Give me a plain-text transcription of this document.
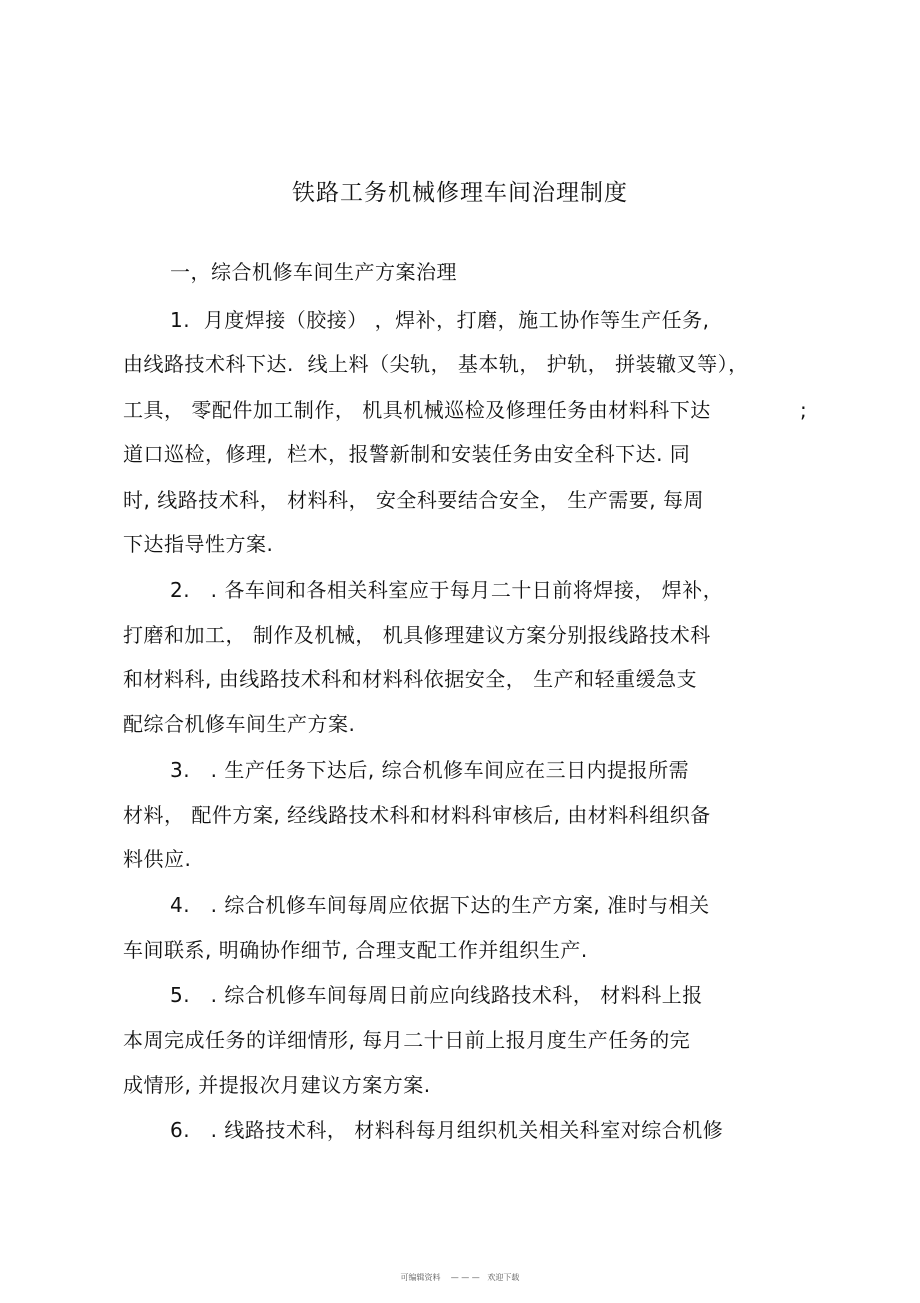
铁路工务机械修理车间治理制度
一，综合机修车间生产方案治理
1.  月度焊接（胶接） ，焊补，打磨，施工协作等生产任务,
由线路技术科下达.  线上料（尖轨， 基本轨， 护轨， 拼装辙叉等），
工具， 零配件加工制作， 机具机械巡检及修理任务由材料科下达	;
道口巡检，修理,  栏木，报警新制和安装任务由安全科下达. 同
时, 线路技术科， 材料科， 安全科要结合安全， 生产需要, 每周
下达指导性方案.
2.   . 各车间和各相关科室应于每月二十日前将焊接， 焊补，
打磨和加工， 制作及机械， 机具修理建议方案分别报线路技术科
和材料科, 由线路技术科和材料科依据安全， 生产和轻重缓急支
配综合机修车间生产方案.
3.   . 生产任务下达后, 综合机修车间应在三日内提报所需
材料， 配件方案, 经线路技术科和材料科审核后, 由材料科组织备
料供应.
4.   . 综合机修车间每周应依据下达的生产方案, 准时与相关
车间联系, 明确协作细节, 合理支配工作并组织生产.
5.   . 综合机修车间每周日前应向线路技术科， 材料科上报
本周完成任务的详细情形, 每月二十日前上报月度生产任务的完
成情形, 并提报次月建议方案方案.
6.   . 线路技术科， 材料科每月组织机关相关科室对综合机修
可编辑资料    — — —   欢迎下载
